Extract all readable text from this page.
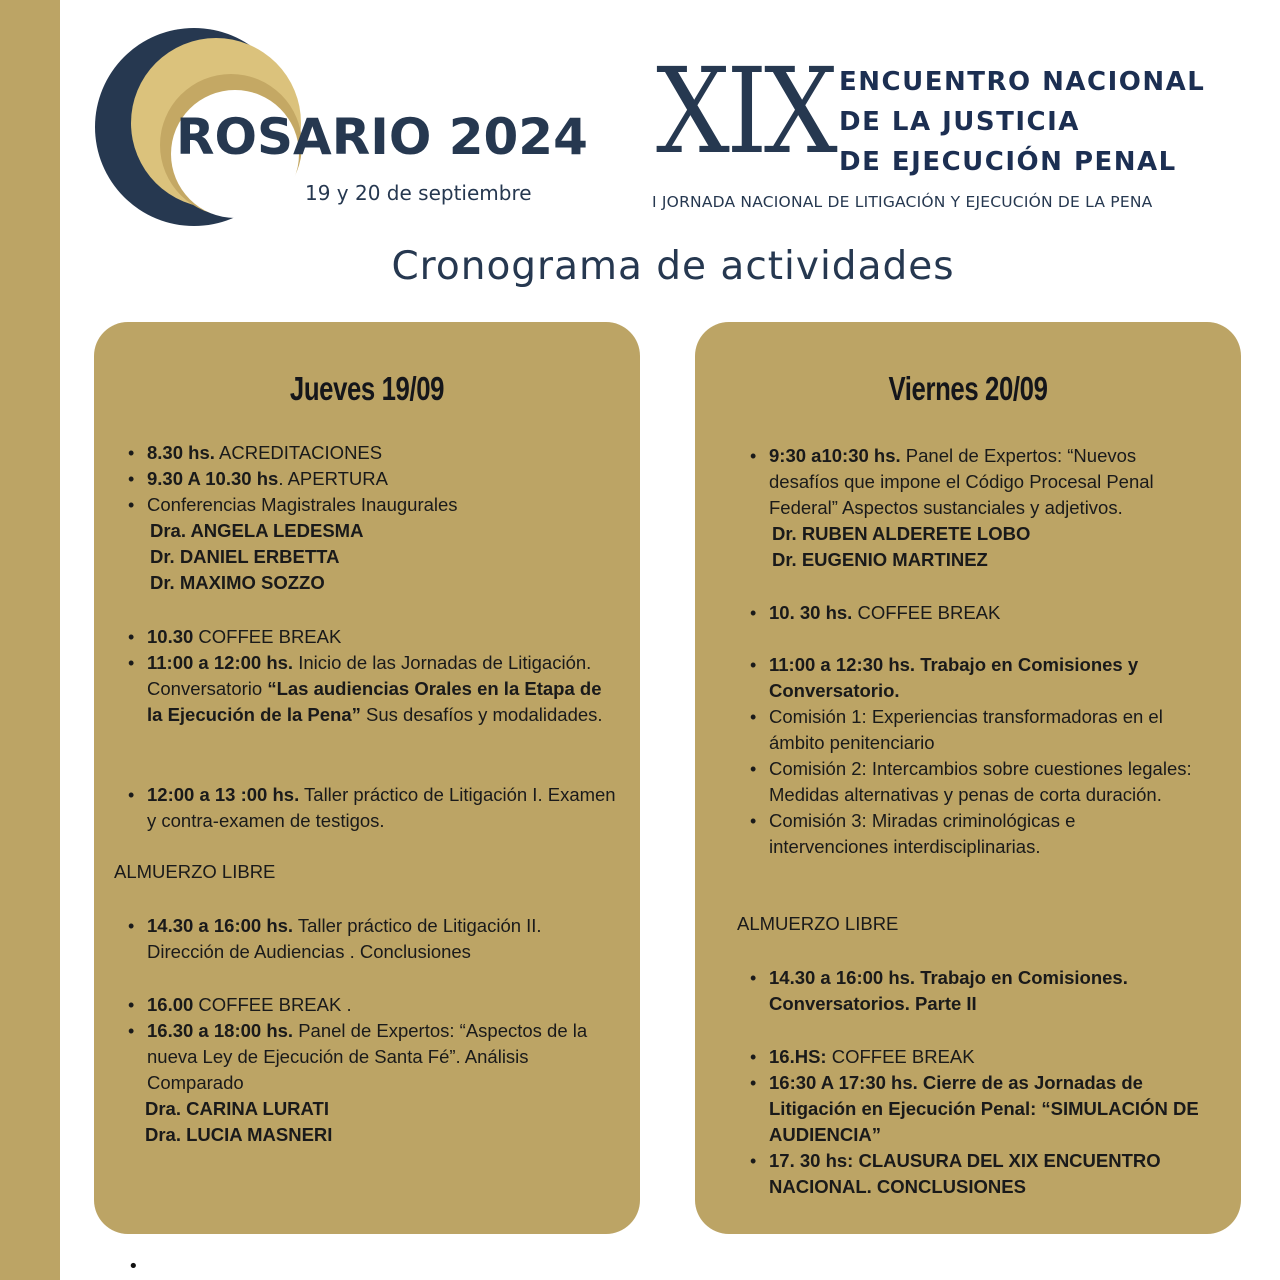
ROSARIO 2024
19 y 20 de septiembre
XIX ENCUENTRO NACIONAL
DE LA JUSTICIA
DE EJECUCIÓN PENAL
I JORNADA NACIONAL DE LITIGACIÓN Y EJECUCIÓN DE LA PENA
Cronograma de actividades
Jueves 19/09
• 8.30 hs. ACREDITACIONES
• 9.30 A 10.30 hs. APERTURA
• Conferencias Magistrales Inaugurales
Dra. ANGELA LEDESMA
Dr. DANIEL ERBETTA
Dr. MAXIMO SOZZO
• 10.30 COFFEE BREAK
• 11:00 a 12:00 hs. Inicio de las Jornadas de Litigación. Conversatorio “Las audiencias Orales en la Etapa de la Ejecución de la Pena” Sus desafíos y modalidades.
• 12:00 a 13 :00 hs. Taller práctico de Litigación I. Examen y contra-examen de testigos.
ALMUERZO LIBRE
• 14.30 a 16:00 hs. Taller práctico de Litigación II. Dirección de Audiencias . Conclusiones
• 16.00 COFFEE BREAK .
• 16.30 a 18:00 hs. Panel de Expertos: “Aspectos de la nueva Ley de Ejecución de Santa Fé”. Análisis Comparado
Dra. CARINA LURATI
Dra. LUCIA MASNERI
Viernes 20/09
• 9:30 a10:30 hs. Panel de Expertos: “Nuevos desafíos que impone el Código Procesal Penal Federal” Aspectos sustanciales y adjetivos.
Dr. RUBEN ALDERETE LOBO
Dr. EUGENIO MARTINEZ
• 10. 30 hs. COFFEE BREAK
• 11:00 a 12:30 hs. Trabajo en Comisiones y Conversatorio.
• Comisión 1: Experiencias transformadoras en el ámbito penitenciario
• Comisión 2: Intercambios sobre cuestiones legales: Medidas alternativas y penas de corta duración.
• Comisión 3: Miradas criminológicas e intervenciones interdisciplinarias.
ALMUERZO LIBRE
• 14.30 a 16:00 hs. Trabajo en Comisiones. Conversatorios. Parte II
• 16.HS: COFFEE BREAK
• 16:30 A 17:30 hs. Cierre de as Jornadas de Litigación en Ejecución Penal: “SIMULACIÓN DE AUDIENCIA”
• 17. 30 hs: CLAUSURA DEL XIX ENCUENTRO NACIONAL. CONCLUSIONES
•
